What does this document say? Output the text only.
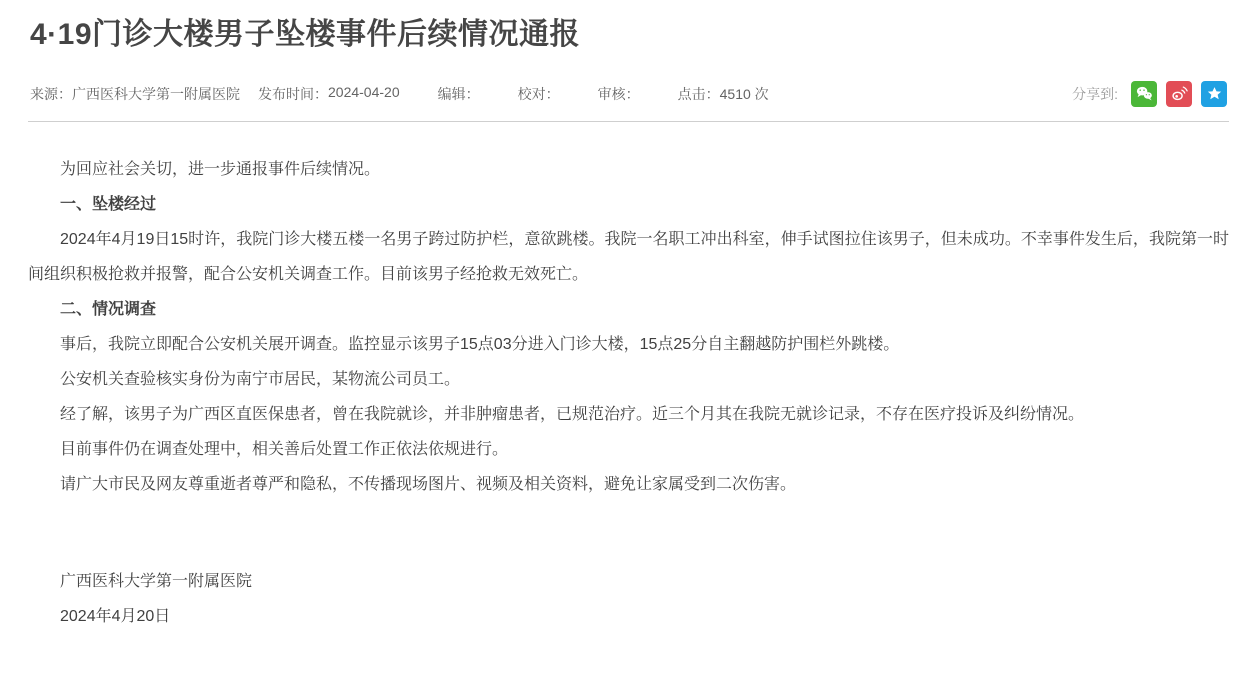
4·19门诊大楼男子坠楼事件后续情况通报
来源： 广西医科大学第一附属医院 发布时间： 2024-04-20	编辑：	校对：	审核：	点击： 4510 次	分享到:

为回应社会关切，进一步通报事件后续情况。

一、坠楼经过

2024年4月19日15时许，我院门诊大楼五楼一名男子跨过防护栏，意欲跳楼。我院一名职工冲出科室，伸手试图拉住该男子，但未成功。不幸事件发生后，我院第一时间组织积极抢救并报警，配合公安机关调查工作。目前该男子经抢救无效死亡。

二、情况调查

事后，我院立即配合公安机关展开调查。监控显示该男子15点03分进入门诊大楼，15点25分自主翻越防护围栏外跳楼。

公安机关查验核实身份为南宁市居民，某物流公司员工。

经了解，该男子为广西区直医保患者，曾在我院就诊，并非肿瘤患者，已规范治疗。近三个月其在我院无就诊记录，不存在医疗投诉及纠纷情况。

目前事件仍在调查处理中，相关善后处置工作正依法依规进行。

请广大市民及网友尊重逝者尊严和隐私，不传播现场图片、视频及相关资料，避免让家属受到二次伤害。

广西医科大学第一附属医院

2024年4月20日
